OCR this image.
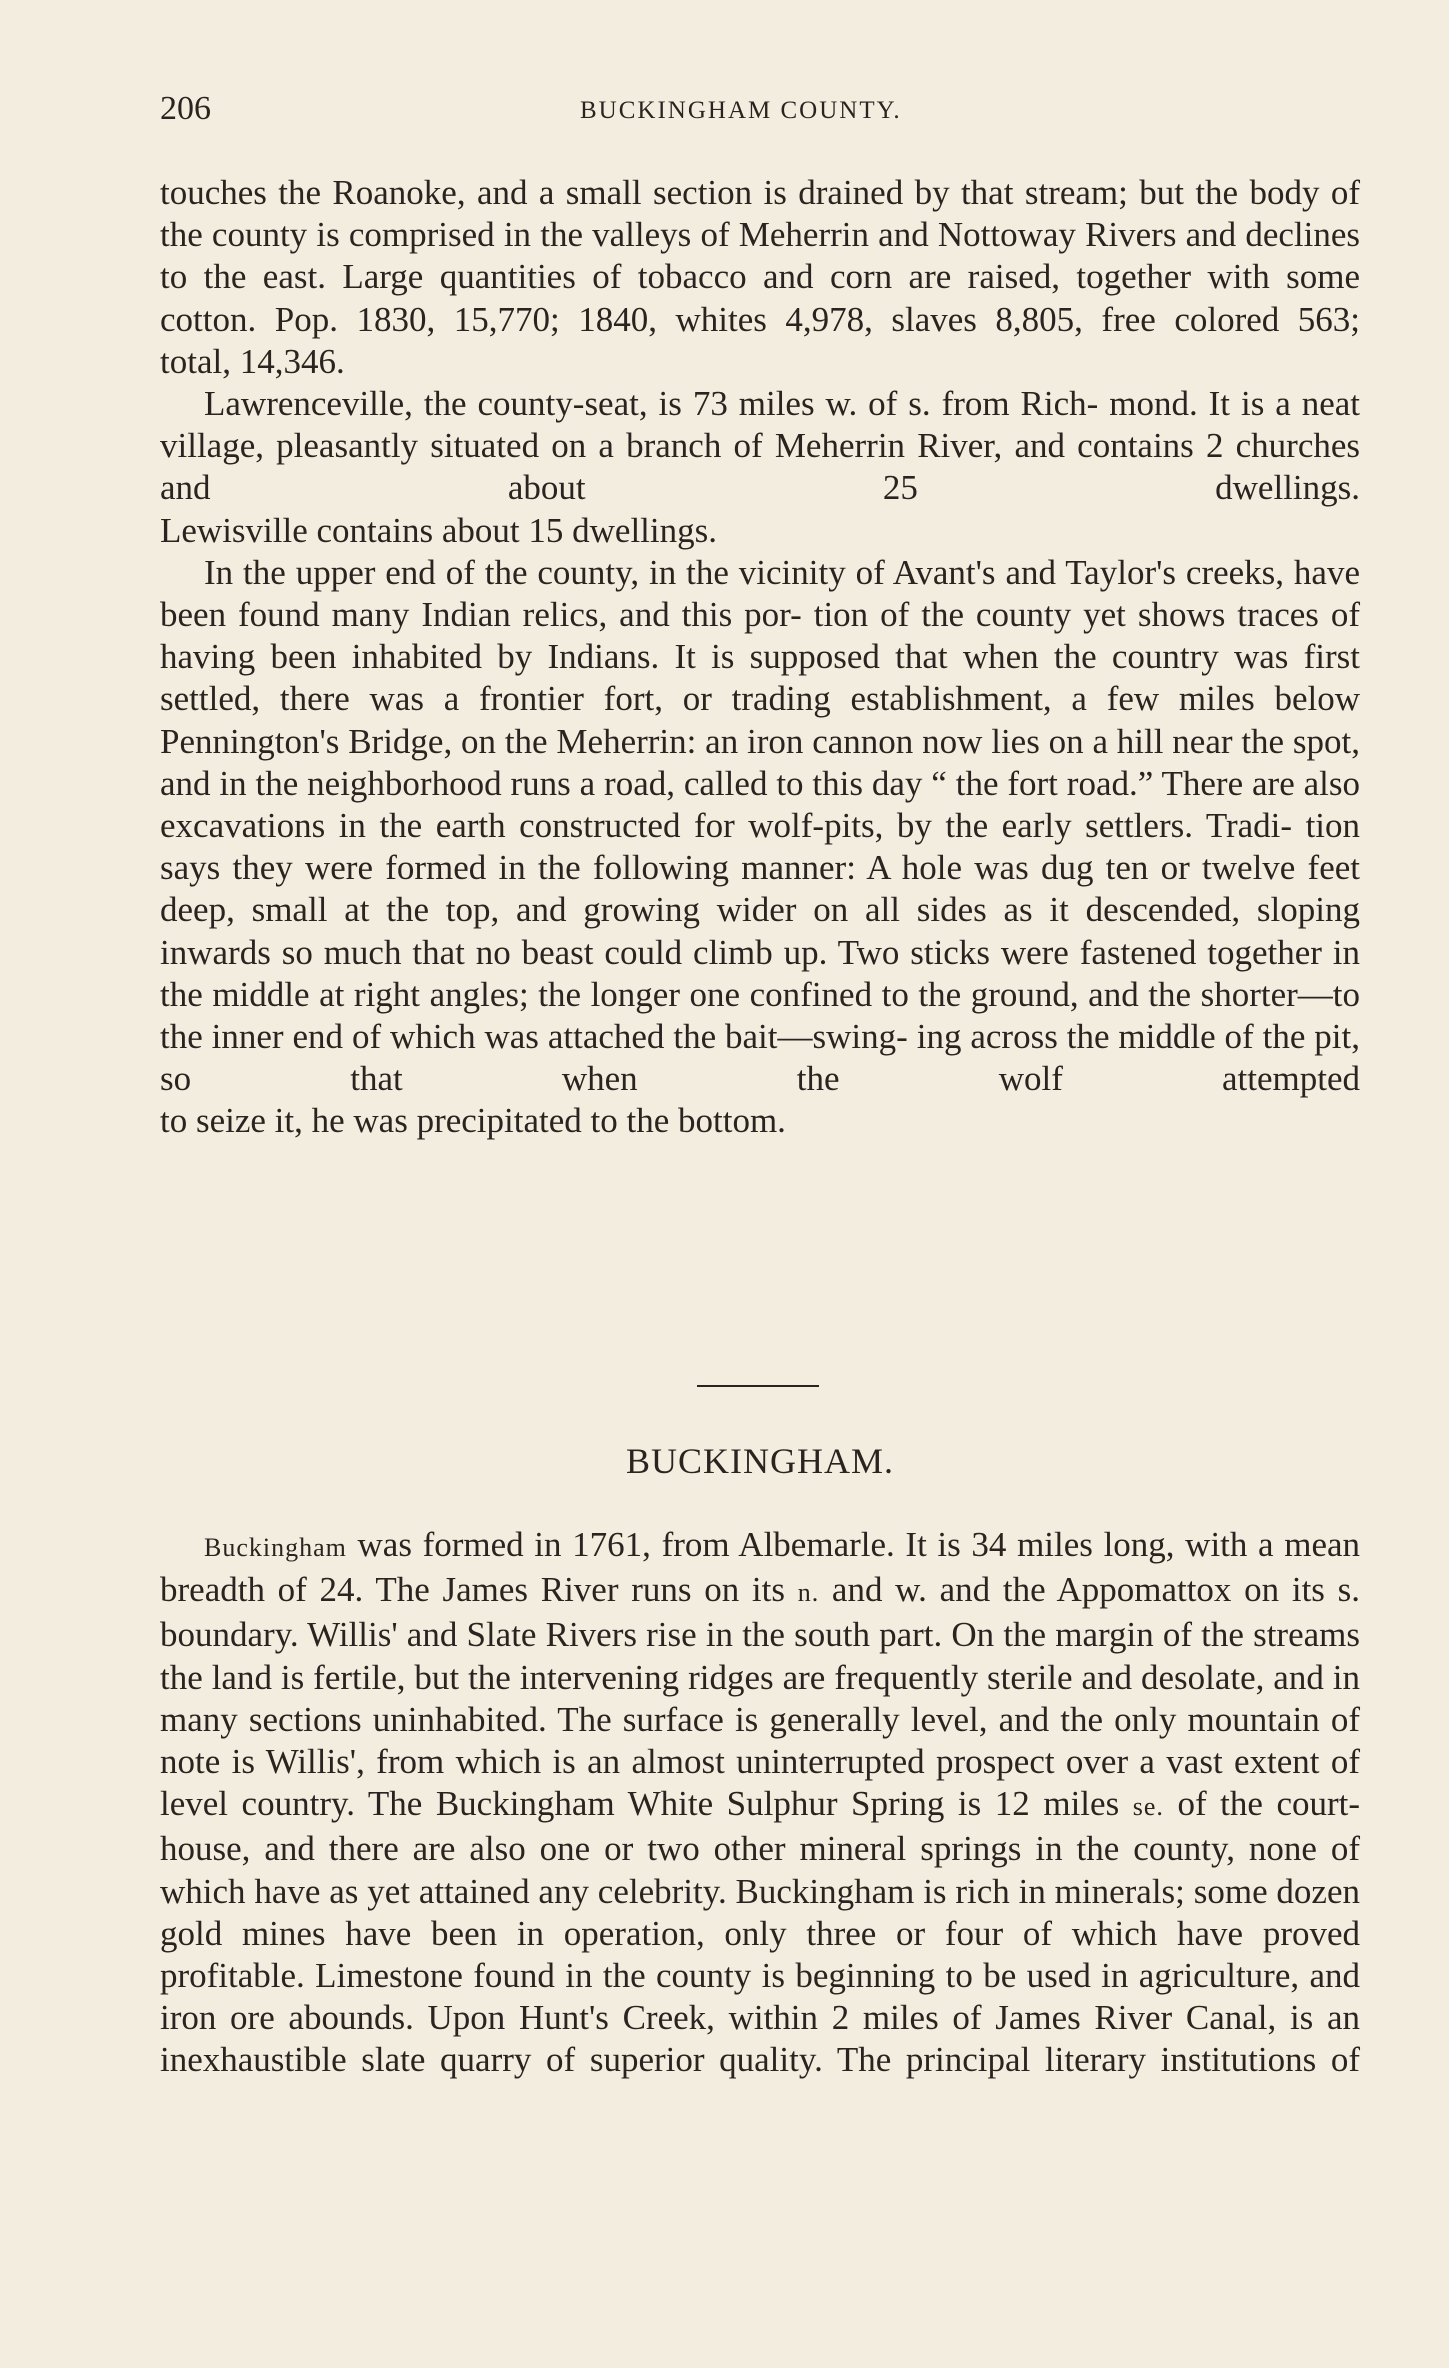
206	BUCKINGHAM COUNTY.

touches the Roanoke, and a small section is drained by that stream; but the body of the county is comprised in the valleys of Meherrin and Nottoway Rivers and declines to the east. Large quantities of tobacco and corn are raised, together with some cotton. Pop. 1830, 15,770; 1840, whites 4,978, slaves 8,805, free colored 563;

total, 14,346.

Lawrenceville, the county-seat, is 73 miles w. of s. from Rich- mond. It is a neat village, pleasantly situated on a branch of Meherrin River, and contains 2 churches and about 25 dwellings.

Lewisville contains about 15 dwellings.

In the upper end of the county, in the vicinity of Avant's and Taylor's creeks, have been found many Indian relics, and this por- tion of the county yet shows traces of having been inhabited by Indians. It is supposed that when the country was first settled, there was a frontier fort, or trading establishment, a few miles below Pennington's Bridge, on the Meherrin: an iron cannon now lies on a hill near the spot, and in the neighborhood runs a road, called to this day “ the fort road.” There are also excavations in the earth constructed for wolf-pits, by the early settlers. Tradi- tion says they were formed in the following manner: A hole was dug ten or twelve feet deep, small at the top, and growing wider on all sides as it descended, sloping inwards so much that no beast could climb up. Two sticks were fastened together in the middle at right angles; the longer one confined to the ground, and the shorter—to the inner end of which was attached the bait—swing- ing across the middle of the pit, so that when the wolf attempted

to seize it, he was precipitated to the bottom.

BUCKINGHAM.

Buckingham was formed in 1761, from Albemarle. It is 34 miles long, with a mean breadth of 24. The James River runs on its n. and w. and the Appomattox on its s. boundary. Willis' and Slate Rivers rise in the south part. On the margin of the streams the land is fertile, but the intervening ridges are frequently sterile and desolate, and in many sections uninhabited. The surface is generally level, and the only mountain of note is Willis', from which is an almost uninterrupted prospect over a vast extent of level country. The Buckingham White Sulphur Spring is 12 miles se. of the court-house, and there are also one or two other mineral springs in the county, none of which have as yet attained any celebrity. Buckingham is rich in minerals; some dozen gold mines have been in operation, only three or four of which have proved profitable. Limestone found in the county is beginning to be used in agriculture, and iron ore abounds. Upon Hunt's Creek, within 2 miles of James River Canal, is an inexhaustible slate quarry of superior quality. The principal literary institutions of
